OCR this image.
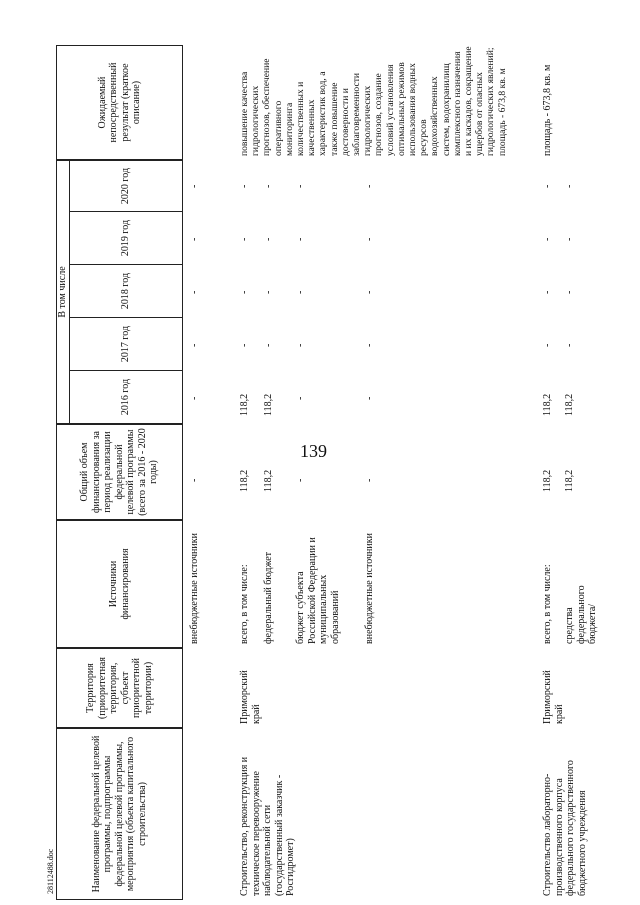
139
28112488.doc	Наименование федеральной целевой программы, подпрограммы федеральной целевой программы, мероприятия (объекта капитального строительства)
Территория (приоритетная территория, субъект приоритетной территории)
Источники финансирования
Общий объем финансирования за период реализации федеральной целевой программы (всего за 2016 - 2020 годы)
В том числе
2016 год
2017 год
2018 год
2019 год
2020 год
Ожидаемый непосредственный результат (краткое описание)
внебюджетные источники
-
-
-
-
-
-
Строительство, реконструкция и техническое перевооружение наблюдательной сети (государственный заказчик - Росгидромет)
Приморский край
всего, в том числе:
118,2
118,2
-
-
-
-
федеральный бюджет
118,2
118,2
-
-
-
-
бюджет субъекта Российской Федерации и муниципальных образований
-
-
-
-
-
-
внебюджетные источники
-
-
-
-
-
-
повышение качества гидрологических прогнозов, обеспечение оперативного мониторинга количественных и качественных характеристик вод, а также повышение достоверности и заблаговременности гидрологических прогнозов, создание условий установления оптимальных режимов использования водных ресурсов водохозяйственных систем, водохранилищ комплексного назначения и их каскадов, сокращение ущербов от опасных гидрологических явлений; площадь - 673,8 кв. м
Строительство лабораторно-производственного корпуса федерального государственного бюджетного учреждения
Приморский край
всего, в том числе:
118,2
118,2
-
-
-
-
средства федерального бюджета/
118,2
118,2
-
-
-
-
площадь - 673,8 кв. м
